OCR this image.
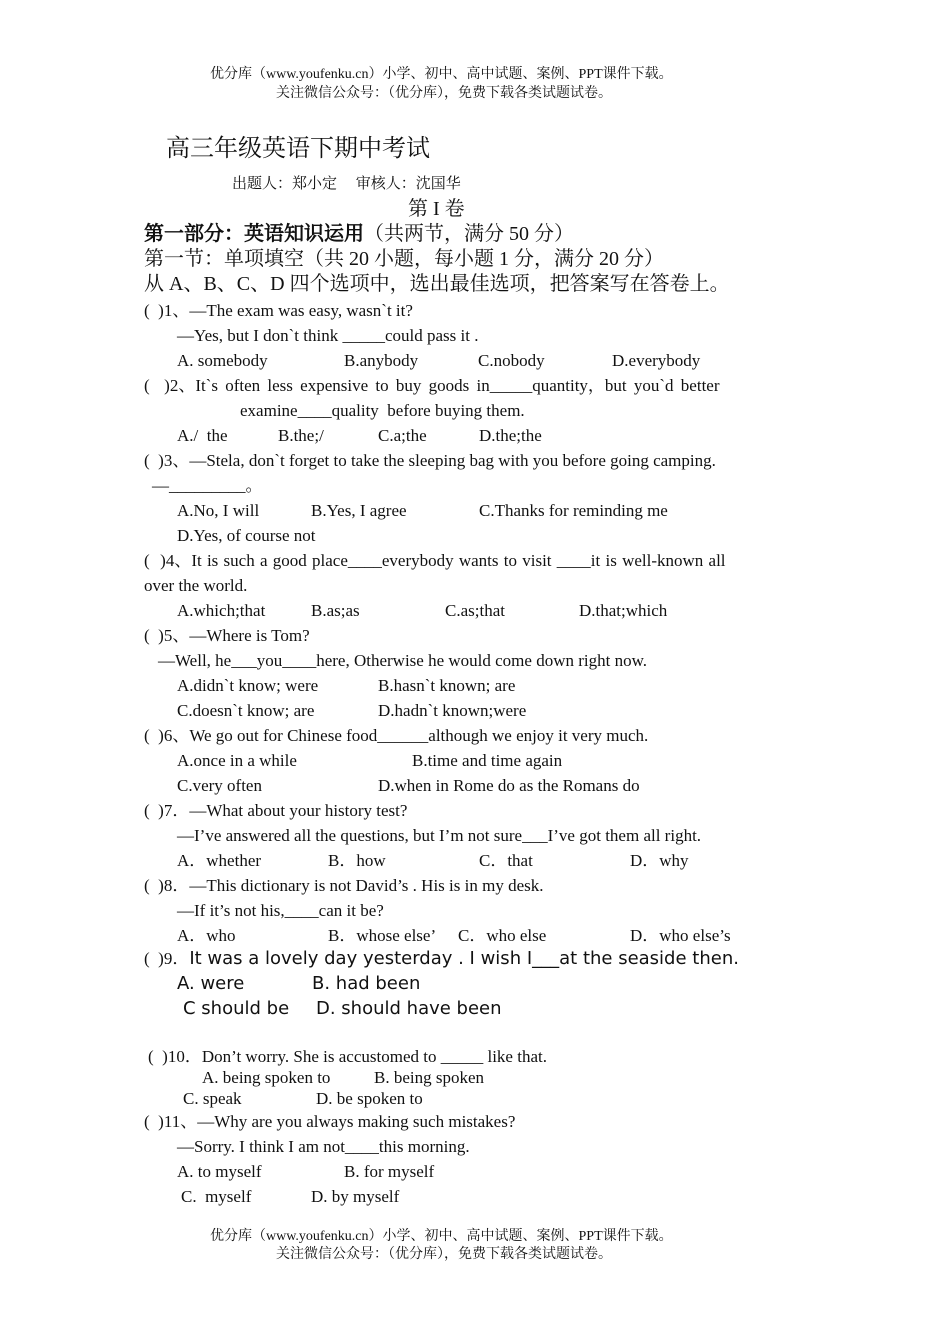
优分库（www.youfenku.cn）小学、初中、高中试题、案例、PPT课件下载。
关注微信公众号：（优分库），免费下载各类试题试卷。
高三年级英语下期中考试
出题人：郑小定     审核人：沈国华
第 I 卷
第一部分：英语知识运用（共两节，满分 50 分）
第一节：单项填空（共 20 小题，每小题 1 分，满分 20 分）
从 A、B、C、D 四个选项中，选出最佳选项，把答案写在答卷上。
(  )1、—The exam was easy, wasn`t it?
—Yes, but I don`t think _____could pass it .
A. somebody	B.anybody	C.nobody	D.everybody
(  )2、It`s often less expensive to buy goods in_____quantity，but you`d better
examine____quality  before buying them.
A./  the	B.the;/	C.a;the	D.the;the
(  )3、—Stela, don`t forget to take the sleeping bag with you before going camping.
—_________。
A.No, I will	B.Yes, I agree	C.Thanks for reminding me
D.Yes, of course not
(  )4、It is such a good place____everybody wants to visit ____it is well-known all
over the world.
A.which;that	B.as;as	C.as;that	D.that;which
(  )5、—Where is Tom?
—Well, he___you____here, Otherwise he would come down right now.
A.didn`t know; were	B.hasn`t known; are
C.doesn`t know; are	D.hadn`t known;were
(  )6、We go out for Chinese food______although we enjoy it very much.
A.once in a while	B.time and time again
C.very often	D.when in Rome do as the Romans do
(  )7．—What about your history test?
—I’ve answered all the questions, but I’m not sure___I’ve got them all right.
A．whether	B．how	C．that	D．why
(  )8．—This dictionary is not David’s . His is in my desk.
—If it’s not his,____can it be?
A．who	B．whose else’ C．who else	D．who else’s
(  )9．It was a lovely day yesterday . I wish I___at the seaside then.
A. were	B. had been
C should be D. should have been
(  )10．Don’t worry. She is accustomed to _____ like that.
A. being spoken to	B. being spoken
C. speak	D. be spoken to
(  )11、—Why are you always making such mistakes?
—Sorry. I think I am not____this morning.
A. to myself	B. for myself
C.  myself	D. by myself
优分库（www.youfenku.cn）小学、初中、高中试题、案例、PPT课件下载。
关注微信公众号：（优分库），免费下载各类试题试卷。
